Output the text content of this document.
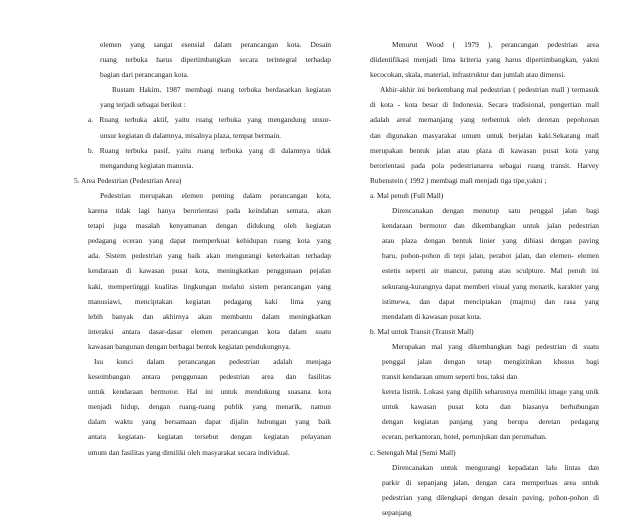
elemen yang sangat esensial dalam perancangan kota. Desain
ruang terbuka harus dipertimbangkan secara terintegral terhadap
bagian dari perancangan kota.
Rustam Hakim, 1987 membagi ruang terbuka berdasarkan kegiatan
yang terjadi sebagai berikut :
a. Ruang terbuka aktif, yaitu ruang terbuka yang mengandung unsur-
unsur kegiatan di dalamnya, misalnya plaza, tempat bermain.
b. Ruang terbuka pasif, yaitu ruang terbuka yang di dalamnya tidak
mengandung kegiatan manusia.
5. Area Pedestrian (Pedestrian Area)
Pedestrian merupakan elemen penting dalam perancangan kota,
karena tidak lagi hanya berorientasi pada keindahan semata, akan
tetapi juga masalah kenyamanan dengan didukung oleh kegiatan
pedagang eceran yang dapat memperkuat kehidupan ruang kota yang
ada. Sistem pedestrian yang baik akan mengurangi keterkaitan terhadap
kendaraan di kawasan pusat kota, meningkatkan penggunaan pejalan
kaki, mempertinggi kualitas lingkungan melalui sistem perancangan yang
manusiawi, menciptakan kegiatan pedagang kaki lima yang
lebih banyak dan akhirnya akan membantu dalam meningkatkan
interaksi antara dasar-dasar elemen perancangan kota dalam suatu
kawasan bangunan dengan berbagai bentuk kegiatan pendukungnya.
Isu kunci dalam perancangan pedestrian adalah menjaga
keseimbangan antara penggunaan pedestrian area dan fasilitas
untuk kendaraan bermotor. Hal ini untuk mendukung suasana kota
menjadi hidup, dengan ruang-ruang publik yang menarik, namun
dalam waktu yang bersamaan dapat dijalin hubungan yang baik
antara kegiatan- kegiatan tersebut dengan kegiatan pelayanan
umum dan fasilitas yang dimiliki oleh masyarakat secara individual.
Menurut Wood ( 1979 ), perancangan pedestrian area
diidentifikasi menjadi lima kriteria yang harus dipertimbangkan, yakni
kecocokan, skala, material, infrastruktur dan jumlah atau dimensi.
Akhir-akhir ini berkembang mal pedestrian ( pedestrian mall ) termasuk
di kota - kota besar di Indonesia. Secara tradisional, pengertian mall
adalah areal memanjang yang terbentuk oleh deretan pepohonan
dan digunakan masyarakat umum untuk berjalan kaki.Sekarang mall
merupakan bentuk jalan atau plaza di kawasan pusat kota yang
berorientasi pada pola pedestrianarea sebagai ruang transit. Harvey
Rubenstein ( 1992 ) membagi mall menjadi tiga tipe,yakni ;
a. Mal penuh (Full Mall)
Direncanakan dengan menutup satu penggal jalan bagi
kendaraan bermotor dan dikembangkan untuk jalan pedestrian
atau plaza dengan bentuk linier yang dihiasi dengan paving
baru, pohon-pohon di tepi jalan, perabot jalan, dan elemen- elemen
estetis seperti air mancur, patung atau sculpture. Mal penuh ini
sekurang-kurangnya dapat memberi visual yang menarik, karakter yang
istimewa, dan dapat menciptakan (majmu) dan rasa yang
mendalam di kawasan pusat kota.
b. Mal untuk Transit (Transit Mall)
Merupakan mal yang dikembangkan bagi pedestrian di suatu
penggal jalan dengan tetap mengizinkan khusus bagi
transit kendaraan umum seperti bus, taksi dan
kereta listrik. Lokasi yang dipilih seharusnya memiliki image yang unik
untuk kawasan pusat kota dan biasanya berhubungan
dengan kegiatan panjang yang berupa deretan pedagang
eceran, perkantoran, hotel, pertunjukan dan perumahan.
c. Setengah Mal (Semi Mall)
Direncanakan untuk mengurangi kepadatan lalu lintas dan
parkir di sepanjang jalan, dengan cara memperluas area untuk
pedestrian yang dilengkapi dengan desain paving, pohon-pohon di
sepanjang
